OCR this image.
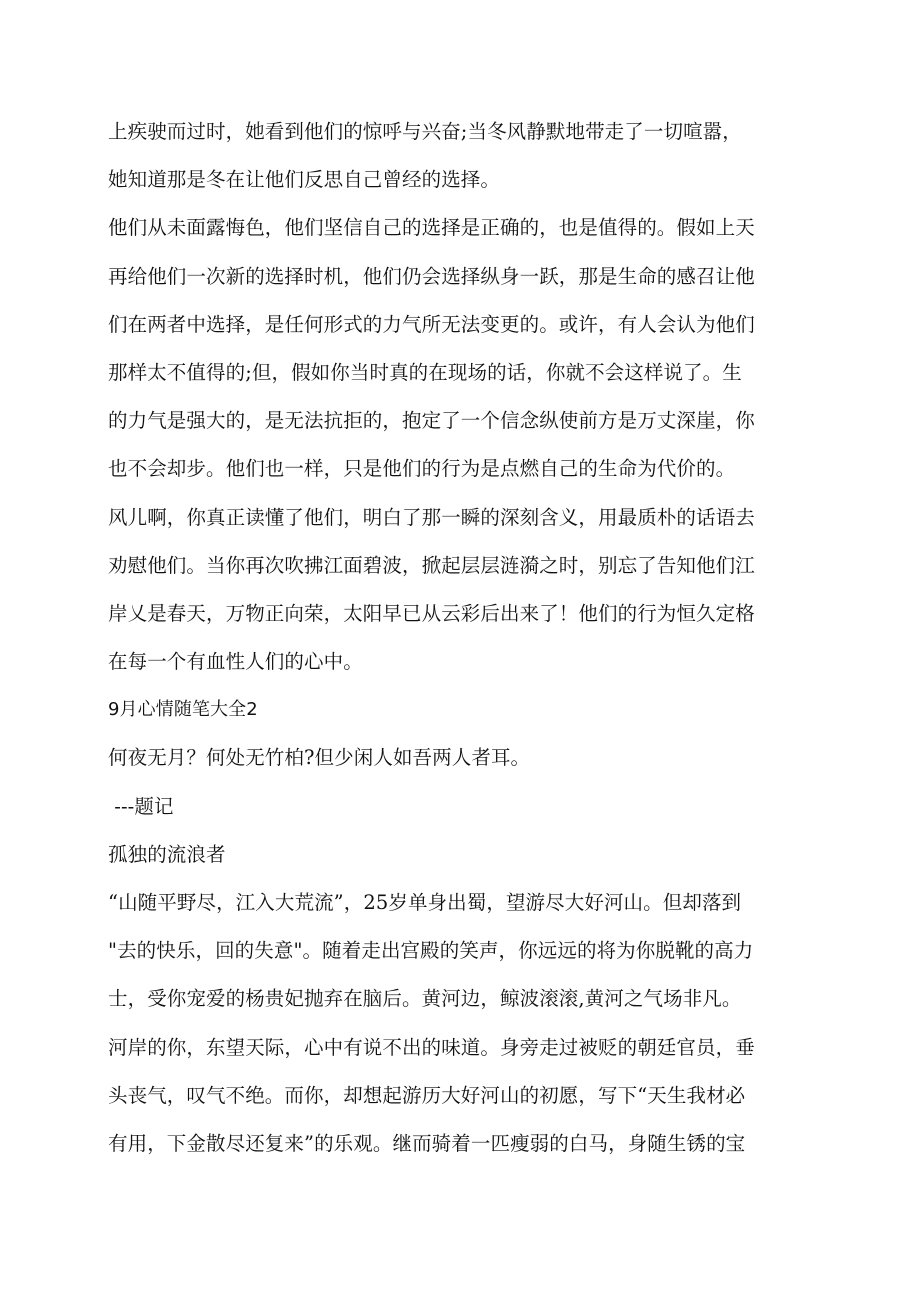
上疾驶而过时，她看到他们的惊呼与兴奋;当冬风静默地带走了一切喧嚣，
她知道那是冬在让他们反思自己曾经的选择。
他们从未面露悔色，他们坚信自己的选择是正确的，也是值得的。假如上天
再给他们一次新的选择时机，他们仍会选择纵身一跃，那是生命的感召让他
们在两者中选择，是任何形式的力气所无法变更的。或许，有人会认为他们
那样太不值得的;但，假如你当时真的在现场的话，你就不会这样说了。生
的力气是强大的，是无法抗拒的，抱定了一个信念纵使前方是万丈深崖，你
也不会却步。他们也一样，只是他们的行为是点燃自己的生命为代价的。
风儿啊，你真正读懂了他们，明白了那一瞬的深刻含义，用最质朴的话语去
劝慰他们。当你再次吹拂江面碧波，掀起层层涟漪之时，别忘了告知他们江
岸乂是春天，万物正向荣，太阳早已从云彩后出来了！他们的行为恒久定格
在每一个有血性人们的心中。
9月心情随笔大全2
何夜无月？何处无竹柏?但少闲人如吾两人者耳。
---题记
孤独的流浪者
“山随平野尽，江入大荒流”，25岁单身出蜀，望游尽大好河山。但却落到
"去的快乐，回的失意"。随着走出宫殿的笑声，你远远的将为你脱靴的高力
士，受你宠爱的杨贵妃抛弃在脑后。黄河边，鲸波滚滚,黄河之气场非凡。
河岸的你，东望天际，心中有说不出的味道。身旁走过被贬的朝廷官员，垂
头丧气，叹气不绝。而你，却想起游历大好河山的初愿，写下“天生我材必
有用，下金散尽还复来”的乐观。继而骑着一匹瘦弱的白马，身随生锈的宝
